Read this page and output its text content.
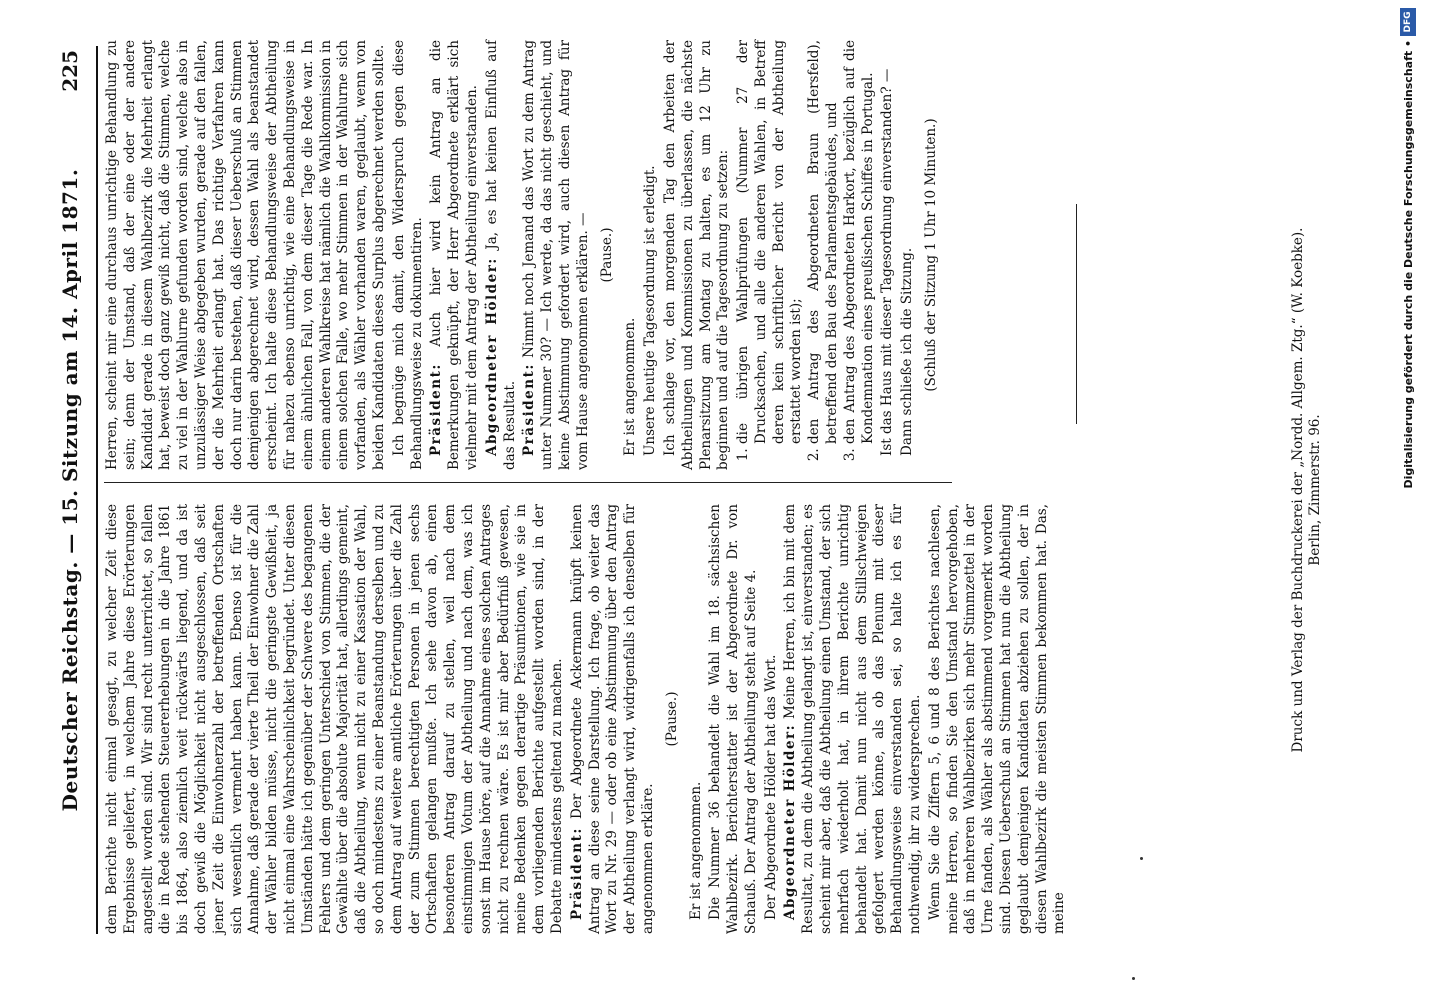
Deutscher Reichstag. — 15. Sitzung am 14. April 1871.
225

dem Berichte nicht einmal gesagt, zu welcher Zeit diese Ergebnisse geliefert, in welchem Jahre diese Erörterungen angestellt worden sind. Wir sind recht unterrichtet, so fallen die in Rede stehenden Steuererhebungen in die Jahre 1861 bis 1864, also ziemlich weit rückwärts liegend, und da ist doch gewiß die Möglichkeit nicht ausgeschlossen, daß seit jener Zeit die Einwohnerzahl der betreffenden Ortschaften sich wesentlich vermehrt haben kann. Ebenso ist für die Annahme, daß gerade der vierte Theil der Einwohner die Zahl der Wähler bilden müsse, nicht die geringste Gewißheit, ja nicht einmal eine Wahrscheinlichkeit begründet. Unter diesen Umständen hätte ich gegenüber der Schwere des begangenen Fehlers und dem geringen Unterschied von Stimmen, die der Gewählte über die absolute Majorität hat, allerdings gemeint, daß die Abtheilung, wenn nicht zu einer Kassation der Wahl, so doch mindestens zu einer Beanstandung derselben und zu dem Antrag auf weitere amtliche Erörterungen über die Zahl der zum Stimmen berechtigten Personen in jenen sechs Ortschaften gelangen mußte. Ich sehe davon ab, einen besonderen Antrag darauf zu stellen, weil nach dem einstimmigen Votum der Abtheilung und nach dem, was ich sonst im Hause höre, auf die Annahme eines solchen Antrages nicht zu rechnen wäre. Es ist mir aber Bedürfniß gewesen, meine Bedenken gegen derartige Präsumtionen, wie sie in dem vorliegenden Berichte aufgestellt worden sind, in der Debatte mindestens geltend zu machen. Präsident: Der Abgeordnete Ackermann knüpft keinen Antrag an diese seine Darstellung. Ich frage, ob weiter das Wort zu Nr. 29 — oder ob eine Abstimmung über den Antrag der Abtheilung verlangt wird, widrigenfalls ich denselben für angenommen erkläre.

(Pause.)

Er ist angenommen. Die Nummer 36 behandelt die Wahl im 18. sächsischen Wahlbezirk. Berichterstatter ist der Abgeordnete Dr. von Schauß. Der Antrag der Abtheilung steht auf Seite 4. Der Abgeordnete Hölder hat das Wort. Abgeordneter Hölder: Meine Herren, ich bin mit dem Resultat, zu dem die Abtheilung gelangt ist, einverstanden; es scheint mir aber, daß die Abtheilung einen Umstand, der sich mehrfach wiederholt hat, in ihrem Berichte unrichtig behandelt hat. Damit nun nicht aus dem Stillschweigen gefolgert werden könne, als ob das Plenum mit dieser Behandlungsweise einverstanden sei, so halte ich es für nothwendig, ihr zu widersprechen. Wenn Sie die Ziffern 5, 6 und 8 des Berichtes nachlesen, meine Herren, so finden Sie den Umstand hervorgehoben, daß in mehreren Wahlbezirken sich mehr Stimmzettel in der Urne fanden, als Wähler als abstimmend vorgemerkt worden sind. Diesen Ueberschuß an Stimmen hat nun die Abtheilung geglaubt demjenigen Kandidaten abziehen zu sollen, der in diesen Wahlbezirk die meisten Stimmen bekommen hat. Das, meine

Herren, scheint mir eine durchaus unrichtige Behandlung zu sein; denn der Umstand, daß der eine oder der andere Kandidat gerade in diesem Wahlbezirk die Mehrheit erlangt hat, beweist doch ganz gewiß nicht, daß die Stimmen, welche zu viel in der Wahlurne gefunden worden sind, welche also in unzulässiger Weise abgegeben wurden, gerade auf den fallen, der die Mehrheit erlangt hat. Das richtige Verfahren kann doch nur darin bestehen, daß dieser Ueberschuß an Stimmen demjenigen abgerechnet wird, dessen Wahl als beanstandet erscheint. Ich halte diese Behandlungsweise der Abtheilung für nahezu ebenso unrichtig, wie eine Behandlungsweise in einem ähnlichen Fall, von dem dieser Tage die Rede war. In einem anderen Wahlkreise hat nämlich die Wahlkommission in einem solchen Falle, wo mehr Stimmen in der Wahlurne sich vorfanden, als Wähler vorhanden waren, geglaubt, wenn von beiden Kandidaten dieses Surplus abgerechnet werden sollte. Ich begnüge mich damit, den Widerspruch gegen diese Behandlungsweise zu dokumentiren. Präsident: Auch hier wird kein Antrag an die Bemerkungen geknüpft, der Herr Abgeordnete erklärt sich vielmehr mit dem Antrag der Abtheilung einverstanden. Abgeordneter Hölder: Ja, es hat keinen Einfluß auf das Resultat. Präsident: Nimmt noch Jemand das Wort zu dem Antrag unter Nummer 30? — Ich werde, da das nicht geschieht, und keine Abstimmung gefordert wird, auch diesen Antrag für vom Hause angenommen erklären. — (Pause.)

Er ist angenommen. Unsere heutige Tagesordnung ist erledigt. Ich schlage vor, den morgenden Tag den Arbeiten der Abtheilungen und Kommissionen zu überlassen, die nächste Plenarsitzung am Montag zu halten, es um 12 Uhr zu beginnen und auf die Tagesordnung zu setzen: 1. die übrigen Wahlprüfungen (Nummer 27 der Drucksachen, und alle die anderen Wahlen, in Betreff deren kein schriftlicher Bericht von der Abtheilung erstattet worden ist); 2. den Antrag des Abgeordneten Braun (Hersfeld), betreffend den Bau des Parlamentsgebäudes, und 3. den Antrag des Abgeordneten Harkort, bezüglich auf die Kondemnation eines preußischen Schiffes in Portugal. Ist das Haus mit dieser Tagesordnung einverstanden? — Dann schließe ich die Sitzung. (Schluß der Sitzung 1 Uhr 10 Minuten.)	Druck und Verlag der Buchdruckerei der „Nordd. Allgem. Ztg.“ (W. Koebke). Berlin, Zimmerstr. 96.
Digitalisierung gefördert durch die Deutsche Forschungsgemeinschaft •
DFG
